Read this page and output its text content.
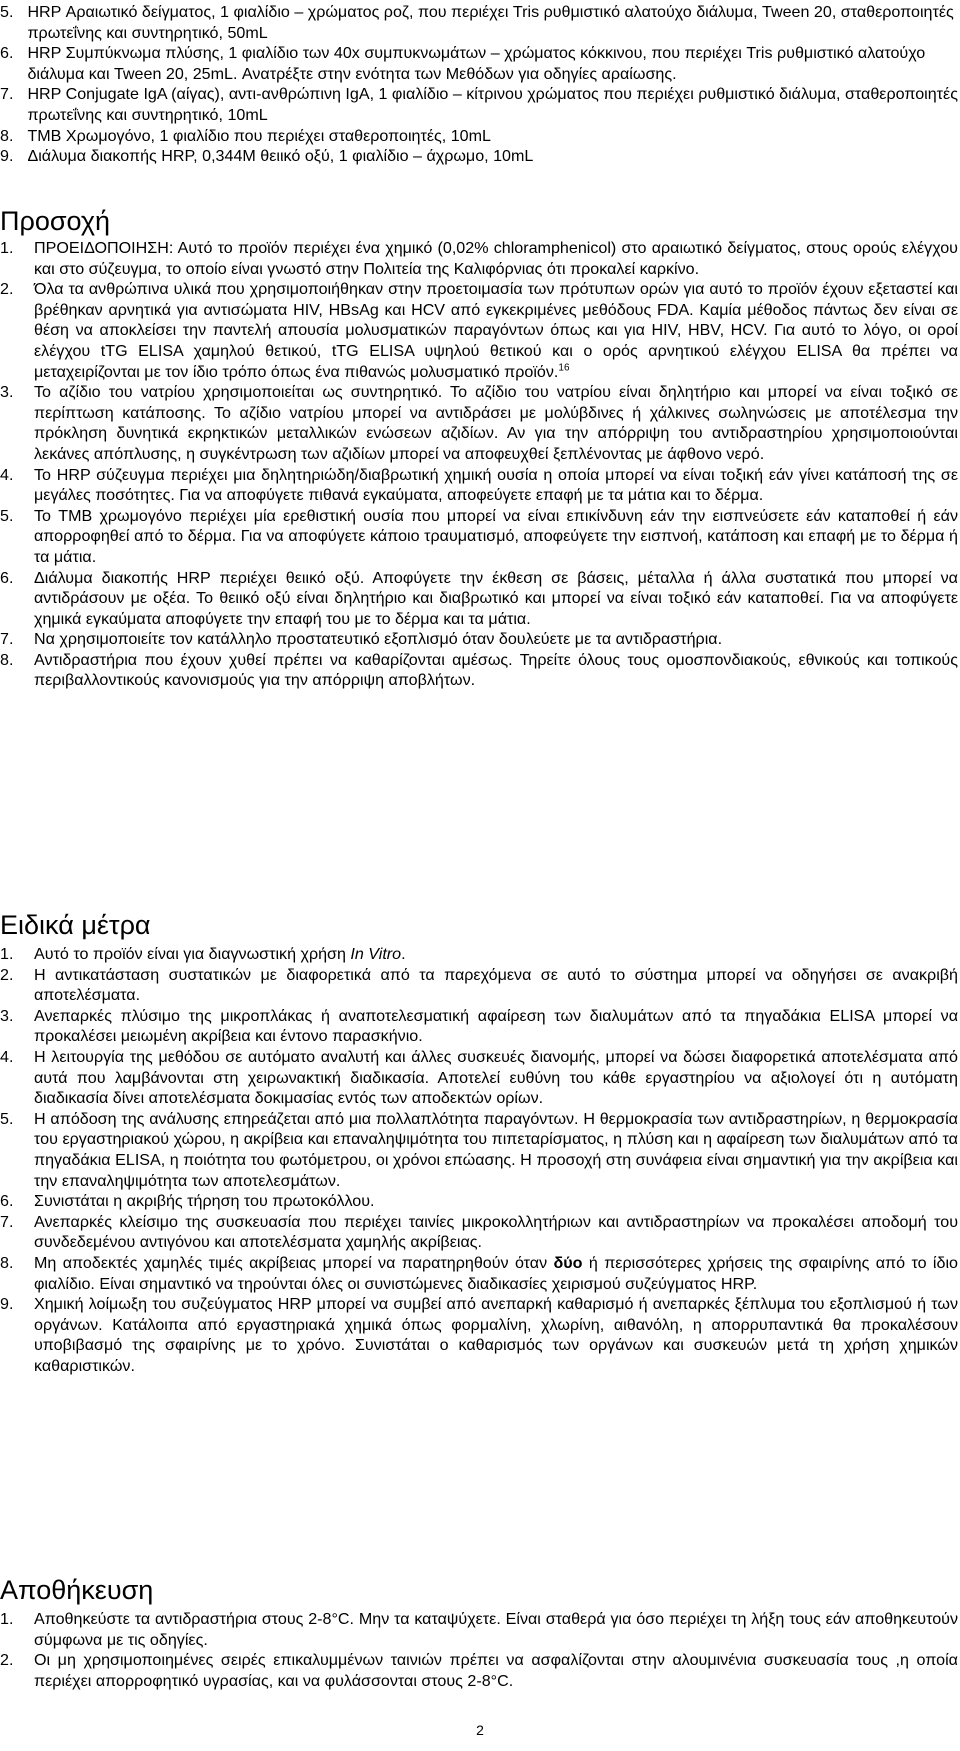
5. HRP Αραιωτικό δείγματος, 1 φιαλίδιο – χρώματος ροζ, που περιέχει Tris ρυθμιστικό αλατούχο διάλυμα, Tween 20, σταθεροποιητές πρωτεΐνης και συντηρητικό, 50mL
6. HRP Συμπύκνωμα πλύσης, 1 φιαλίδιο των 40x συμπυκνωμάτων – χρώματος κόκκινου, που περιέχει Tris ρυθμιστικό αλατούχο διάλυμα και Tween 20, 25mL. Ανατρέξτε στην ενότητα των Μεθόδων για οδηγίες αραίωσης.
7. HRP Conjugate IgA (αίγας), αντι-ανθρώπινη IgA, 1 φιαλίδιο – κίτρινου χρώματος που περιέχει ρυθμιστικό διάλυμα, σταθεροποιητές πρωτεΐνης και συντηρητικό, 10mL
8. TMB Χρωμογόνο, 1 φιαλίδιο που περιέχει σταθεροποιητές, 10mL
9. Διάλυμα διακοπής HRP, 0,344M θειικό οξύ, 1 φιαλίδιο – άχρωμο, 10mL
Προσοχή
1.	ΠΡΟΕΙΔΟΠΟΙΗΣΗ: Αυτό το προϊόν περιέχει ένα χημικό (0,02% chloramphenicol) στο αραιωτικό δείγματος, στους ορούς ελέγχου και στο σύζευγμα, το οποίο είναι γνωστό στην Πολιτεία της Καλιφόρνιας ότι προκαλεί καρκίνο.
2.	Όλα τα ανθρώπινα υλικά που χρησιμοποιήθηκαν στην προετοιμασία των πρότυπων ορών για αυτό το προϊόν έχουν εξεταστεί και βρέθηκαν αρνητικά για αντισώματα HIV, HBsAg και HCV από εγκεκριμένες μεθόδους FDA. Καμία μέθοδος πάντως δεν είναι σε θέση να αποκλείσει την παντελή απουσία μολυσματικών παραγόντων όπως και για HIV, HBV, HCV. Για αυτό το λόγο, οι οροί ελέγχου tTG ELISA χαμηλού θετικού, tTG ELISA υψηλού θετικού και ο ορός αρνητικού ελέγχου ELISA θα πρέπει να μεταχειρίζονται με τον ίδιο τρόπο όπως ένα πιθανώς μολυσματικό προϊόν.$^{16}$
3.	Το αζίδιο του νατρίου χρησιμοποιείται ως συντηρητικό. Το αζίδιο του νατρίου είναι δηλητήριο και μπορεί να είναι τοξικό σε περίπτωση κατάποσης. Το αζίδιο νατρίου μπορεί να αντιδράσει με μολύβδινες ή χάλκινες σωληνώσεις με αποτέλεσμα την πρόκληση δυνητικά εκρηκτικών μεταλλικών ενώσεων αζιδίων. Αν για την απόρριψη του αντιδραστηρίου χρησιμοποιούνται λεκάνες απόπλυσης, η συγκέντρωση των αζιδίων μπορεί να αποφευχθεί ξεπλένοντας με άφθονο νερό.
4.	Το HRP σύζευγμα περιέχει μια δηλητηριώδη/διαβρωτική χημική ουσία η οποία μπορεί να είναι τοξική εάν γίνει κατάποσή της σε μεγάλες ποσότητες. Για να αποφύγετε πιθανά εγκαύματα, αποφεύγετε επαφή με τα μάτια και το δέρμα.
5.	Το TMB χρωμογόνο περιέχει μία ερεθιστική ουσία που μπορεί να είναι επικίνδυνη εάν την εισπνεύσετε εάν καταποθεί ή εάν απορροφηθεί από το δέρμα. Για να αποφύγετε κάποιο τραυματισμό, αποφεύγετε την εισπνοή, κατάποση και επαφή με το δέρμα ή τα μάτια.
6.	Διάλυμα διακοπής HRP περιέχει θειικό οξύ. Αποφύγετε την έκθεση σε βάσεις, μέταλλα ή άλλα συστατικά που μπορεί να αντιδράσουν με οξέα. Το θειικό οξύ είναι δηλητήριο και διαβρωτικό και μπορεί να είναι τοξικό εάν καταποθεί. Για να αποφύγετε χημικά εγκαύματα αποφύγετε την επαφή του με το δέρμα και τα μάτια.
7.	Να χρησιμοποιείτε τον κατάλληλο προστατευτικό εξοπλισμό όταν δουλεύετε με τα αντιδραστήρια.
8.	Αντιδραστήρια που έχουν χυθεί πρέπει να καθαρίζονται αμέσως. Τηρείτε όλους τους ομοσπονδιακούς, εθνικούς και τοπικούς περιβαλλοντικούς κανονισμούς για την απόρριψη αποβλήτων.
Ειδικά μέτρα
1.	Αυτό το προϊόν είναι για διαγνωστική χρήση In Vitro.
2.	Η αντικατάσταση συστατικών με διαφορετικά από τα παρεχόμενα σε αυτό το σύστημα μπορεί να οδηγήσει σε ανακριβή αποτελέσματα.
3.	Ανεπαρκές πλύσιμο της μικροπλάκας ή αναποτελεσματική αφαίρεση των διαλυμάτων από τα πηγαδάκια ELISA μπορεί να προκαλέσει μειωμένη ακρίβεια και έντονο παρασκήνιο.
4.	Η λειτουργία της μεθόδου σε αυτόματο αναλυτή και άλλες συσκευές διανομής, μπορεί να δώσει διαφορετικά αποτελέσματα από αυτά που λαμβάνονται στη χειρωνακτική διαδικασία. Αποτελεί ευθύνη του κάθε εργαστηρίου να αξιολογεί ότι η αυτόματη διαδικασία δίνει αποτελέσματα δοκιμασίας εντός των αποδεκτών ορίων.
5.	Η απόδοση της ανάλυσης επηρεάζεται από μια πολλαπλότητα παραγόντων. Η θερμοκρασία των αντιδραστηρίων, η θερμοκρασία του εργαστηριακού χώρου, η ακρίβεια και επαναληψιμότητα του πιπεταρίσματος, η πλύση και η αφαίρεση των διαλυμάτων από τα πηγαδάκια ELISA, η ποιότητα του φωτόμετρου, οι χρόνοι επώασης. Η προσοχή στη συνάφεια είναι σημαντική για την ακρίβεια και την επαναληψιμότητα των αποτελεσμάτων.
6.	Συνιστάται η ακριβής τήρηση του πρωτοκόλλου.
7.	Ανεπαρκές κλείσιμο της συσκευασία που περιέχει ταινίες μικροκολλητήριων και αντιδραστηρίων να προκαλέσει αποδομή του συνδεδεμένου αντιγόνου και αποτελέσματα χαμηλής ακρίβειας.
8.	Μη αποδεκτές χαμηλές τιμές ακρίβειας μπορεί να παρατηρηθούν όταν δύο ή περισσότερες χρήσεις της σφαιρίνης από το ίδιο φιαλίδιο. Είναι σημαντικό να τηρούνται όλες οι συνιστώμενες διαδικασίες χειρισμού συζεύγματος HRP.
9.	Χημική λοίμωξη του συζεύγματος HRP μπορεί να συμβεί από ανεπαρκή καθαρισμό ή ανεπαρκές ξέπλυμα του εξοπλισμού ή των οργάνων. Κατάλοιπα από εργαστηριακά χημικά όπως φορμαλίνη, χλωρίνη, αιθανόλη, η απορρυπαντικά θα προκαλέσουν υποβιβασμό της σφαιρίνης με το χρόνο. Συνιστάται ο καθαρισμός των οργάνων και συσκευών μετά τη χρήση χημικών καθαριστικών.
Αποθήκευση
1.	Αποθηκεύστε τα αντιδραστήρια στους 2-8°C. Μην τα καταψύχετε. Είναι σταθερά για όσο περιέχει τη λήξη τους εάν αποθηκευτούν σύμφωνα με τις οδηγίες.
2.	Οι μη χρησιμοποιημένες σειρές επικαλυμμένων ταινιών πρέπει να ασφαλίζονται στην αλουμινένια συσκευασία τους ,η οποία περιέχει απορροφητικό υγρασίας, και να φυλάσσονται στους 2-8°C.
2
